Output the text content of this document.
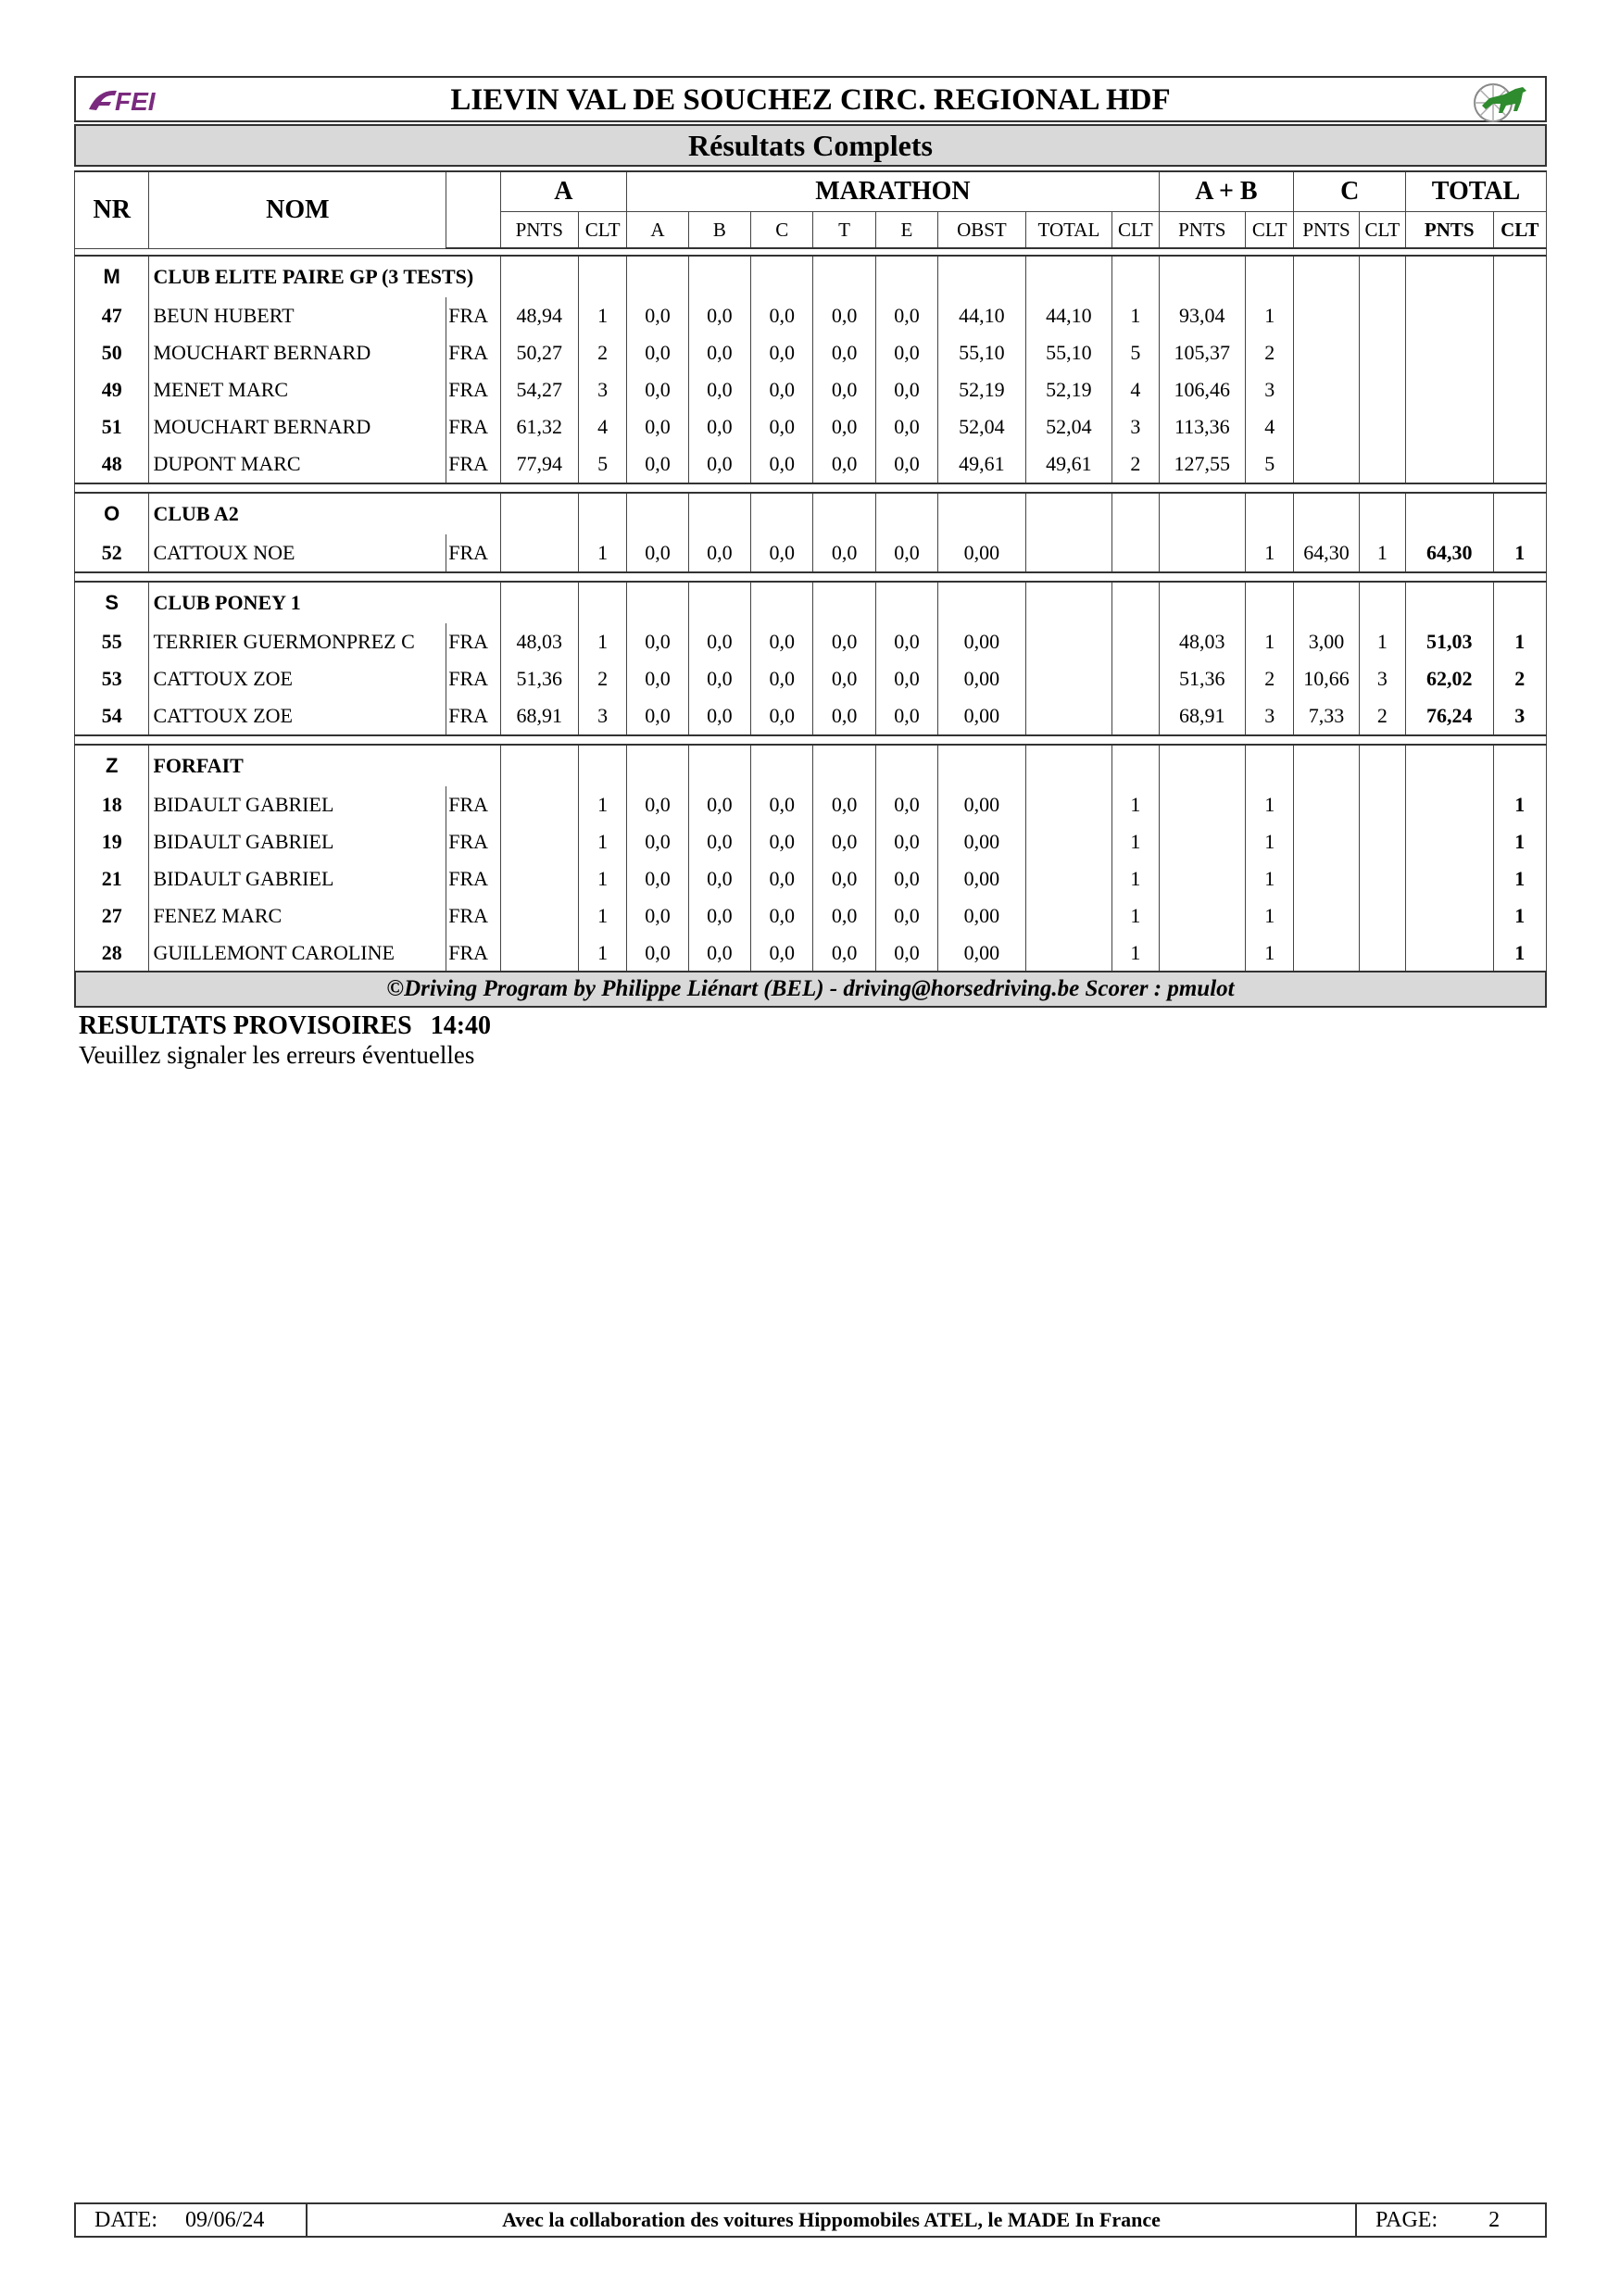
FEI	LIEVIN VAL DE SOUCHEZ CIRC. REGIONAL HDF
Résultats Complets
NR	NOM		A		MARATHON								A + B		C		TOTAL	
			PNTS	CLT	A	B	C	T	E	OBST	TOTAL	CLT	PNTS	CLT	PNTS	CLT	PNTS	CLT

M	CLUB ELITE PAIRE GP (3 TESTS)																	
47	BEUN HUBERT	FRA	48,94	1	0,0	0,0	0,0	0,0	0,0	44,10	44,10	1	93,04	1				
50	MOUCHART BERNARD	FRA	50,27	2	0,0	0,0	0,0	0,0	0,0	55,10	55,10	5	105,37	2				
49	MENET MARC	FRA	54,27	3	0,0	0,0	0,0	0,0	0,0	52,19	52,19	4	106,46	3				
51	MOUCHART BERNARD	FRA	61,32	4	0,0	0,0	0,0	0,0	0,0	52,04	52,04	3	113,36	4				
48	DUPONT MARC	FRA	77,94	5	0,0	0,0	0,0	0,0	0,0	49,61	49,61	2	127,55	5				

O	CLUB A2																	
52	CATTOUX NOE	FRA		1	0,0	0,0	0,0	0,0	0,0	0,00				1	64,30	1	64,30	1

S	CLUB PONEY 1																	
55	TERRIER GUERMONPREZ C	FRA	48,03	1	0,0	0,0	0,0	0,0	0,0	0,00			48,03	1	3,00	1	51,03	1
53	CATTOUX ZOE	FRA	51,36	2	0,0	0,0	0,0	0,0	0,0	0,00			51,36	2	10,66	3	62,02	2
54	CATTOUX ZOE	FRA	68,91	3	0,0	0,0	0,0	0,0	0,0	0,00			68,91	3	7,33	2	76,24	3

Z	FORFAIT																	
18	BIDAULT GABRIEL	FRA		1	0,0	0,0	0,0	0,0	0,0	0,00		1		1				1
19	BIDAULT GABRIEL	FRA		1	0,0	0,0	0,0	0,0	0,0	0,00		1		1				1
21	BIDAULT GABRIEL	FRA		1	0,0	0,0	0,0	0,0	0,0	0,00		1		1				1
27	FENEZ MARC	FRA		1	0,0	0,0	0,0	0,0	0,0	0,00		1		1				1
28	GUILLEMONT CAROLINE	FRA		1	0,0	0,0	0,0	0,0	0,0	0,00		1		1				1
©Driving Program by Philippe Liénart (BEL) - driving@horsedriving.be Scorer : pmulot
RESULTATS PROVISOIRES 14:40
Veuillez signaler les erreurs éventuelles
DATE: 09/06/24	Avec la collaboration des voitures Hippomobiles ATEL, le MADE In France	PAGE: 2
